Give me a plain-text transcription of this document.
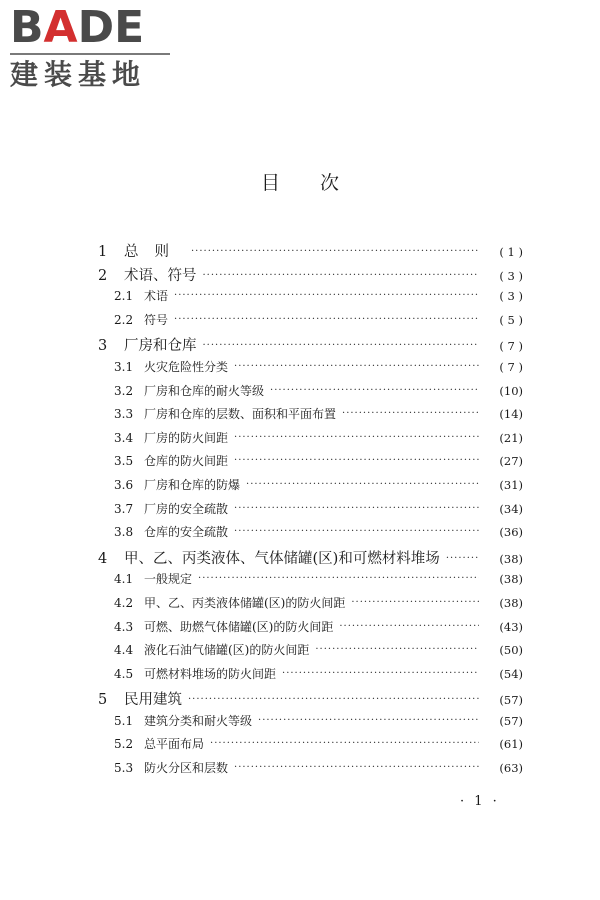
BADE
建装基地
目次
1	总则 ·····	( 1 )
2	术语、符号 ·····	( 3 )
2.1 术语 ·····	( 3 )
2.2 符号 ·····	( 5 )
3	厂房和仓库 ·····	( 7 )
3.1 火灾危险性分类 ·····	( 7 )
3.2 厂房和仓库的耐火等级 ·····	(10)
3.3 厂房和仓库的层数、面积和平面布置 ·····	(14)
3.4 厂房的防火间距 ·····	(21)
3.5 仓库的防火间距 ·····	(27)
3.6 厂房和仓库的防爆 ·····	(31)
3.7 厂房的安全疏散 ·····	(34)
3.8 仓库的安全疏散 ·····	(36)
4	甲、乙、丙类液体、气体储罐(区)和可燃材料堆场 ·····	(38)
4.1 一般规定 ·····	(38)
4.2 甲、乙、丙类液体储罐(区)的防火间距 ·····	(38)
4.3 可燃、助燃气体储罐(区)的防火间距 ·····	(43)
4.4 液化石油气储罐(区)的防火间距 ·····	(50)
4.5 可燃材料堆场的防火间距 ·····	(54)
5	民用建筑 ·····	(57)
5.1 建筑分类和耐火等级 ·····	(57)
5.2 总平面布局 ·····	(61)
5.3 防火分区和层数 ·····	(63)
· 1 ·
